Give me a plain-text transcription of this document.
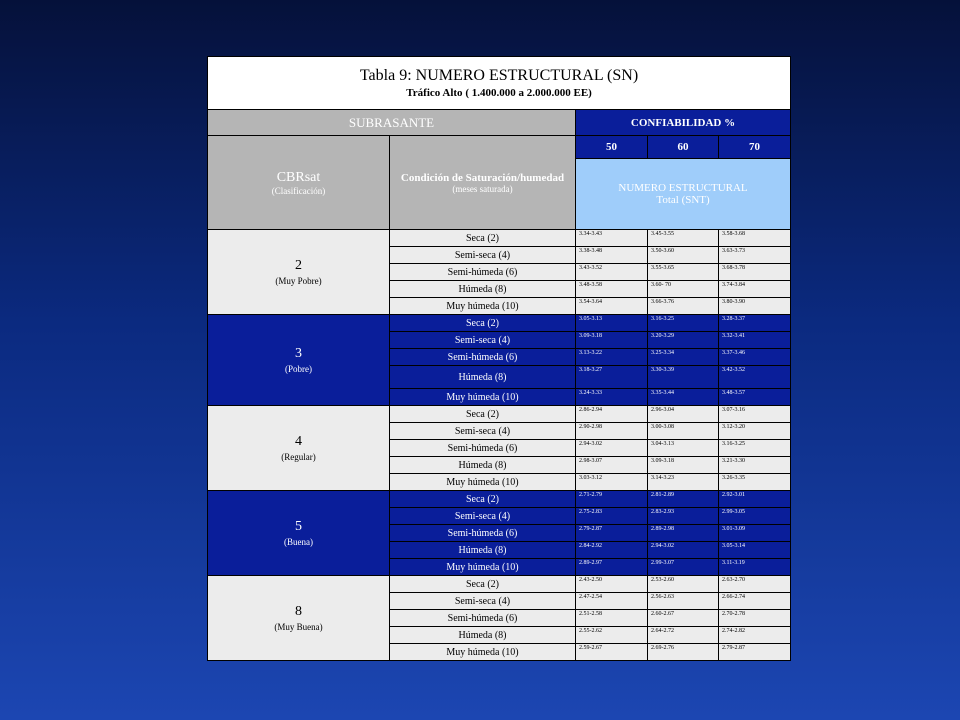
Tabla 9: NUMERO ESTRUCTURAL (SN)
Tráfico Alto ( 1.400.000 a 2.000.000 EE)				

SUBRASANTE		CONFIABILIDAD %		

CBRsat
(Clasificación)	Condición de Saturación/humedad
(meses saturada)	50	60	70

		NUMERO ESTRUCTURAL
Total (SNT)		

2
(Muy Pobre)	Seca (2)	3.34-3.43	3.45-3.55	3.58-3.68
	Semi-seca (4)	3.38-3.48	3.50-3.60	3.63-3.73
	Semi-húmeda (6)	3.43-3.52	3.55-3.65	3.68-3.78
	Húmeda (8)	3.48-3.58	3.60- 70	3.74-3.84
	Muy húmeda (10)	3.54-3.64	3.66-3.76	3.80-3.90

3
(Pobre)	Seca (2)	3.05-3.13	3.16-3.25	3.28-3.37
	Semi-seca (4)	3.09-3.18	3.20-3.29	3.32-3.41
	Semi-húmeda (6)	3.13-3.22	3.25-3.34	3.37-3.46
	Húmeda (8)	3.18-3.27	3.30-3.39	3.42-3.52
	Muy húmeda (10)	3.24-3.33	3.35-3.44	3.48-3.57

4
(Regular)	Seca (2)	2.86-2.94	2.96-3.04	3.07-3.16
	Semi-seca (4)	2.90-2.98	3.00-3.08	3.12-3.20
	Semi-húmeda (6)	2.94-3.02	3.04-3.13	3.16-3.25
	Húmeda (8)	2.98-3.07	3.09-3.18	3.21-3.30
	Muy húmeda (10)	3.03-3.12	3.14-3.23	3.26-3.35

5
(Buena)	Seca (2)	2.71-2.79	2.81-2.89	2.92-3.01
	Semi-seca (4)	2.75-2.83	2.83-2.93	2.99-3.05
	Semi-húmeda (6)	2.79-2.87	2.89-2.98	3.01-3.09
	Húmeda (8)	2.84-2.92	2.94-3.02	3.05-3.14
	Muy húmeda (10)	2.89-2.97	2.99-3.07	3.11-3.19

8
(Muy Buena)	Seca (2)	2.43-2.50	2.53-2.60	2.63-2.70
	Semi-seca (4)	2.47-2.54	2.56-2.63	2.66-2.74
	Semi-húmeda (6)	2.51-2.58	2.60-2.67	2.70-2.78
	Húmeda (8)	2.55-2.62	2.64-2.72	2.74-2.82
	Muy húmeda (10)	2.59-2.67	2.69-2.76	2.79-2.87
